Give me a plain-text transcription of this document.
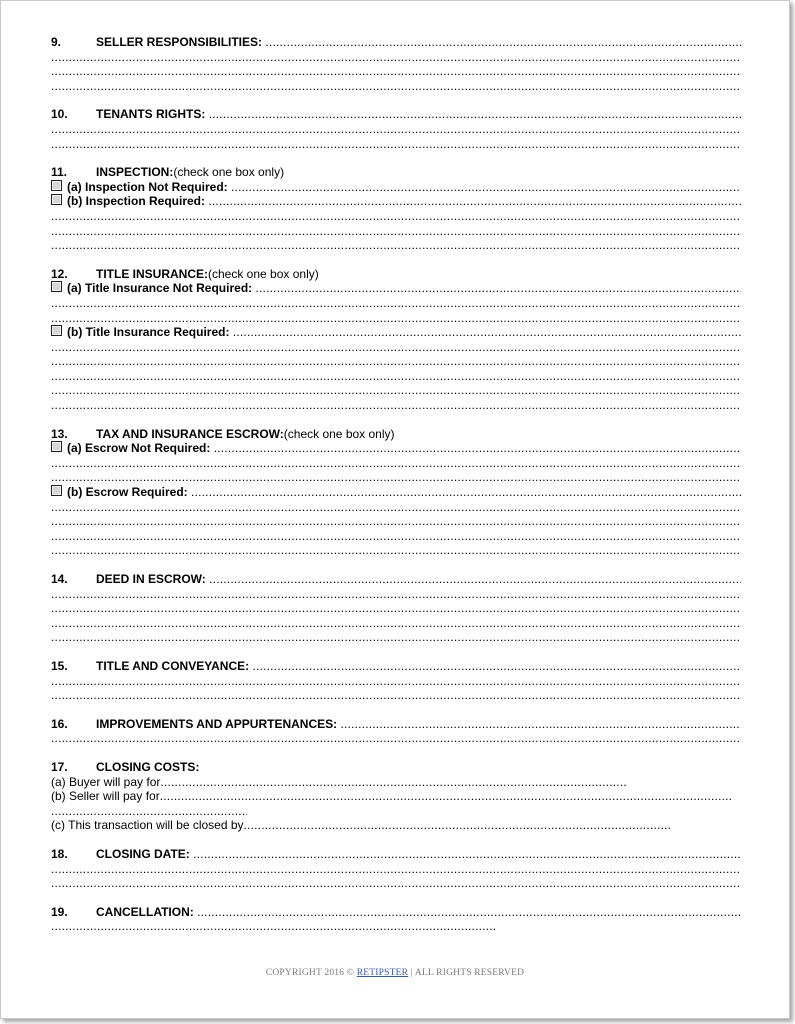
9.	SELLER RESPONSIBILITIES:

.....
.....
.....
.....
10.	TENANTS RIGHTS:

.....
.....
.....
11.	INSPECTION: (check one box only)
(a) Inspection Not Required:

.....
(b) Inspection Required:

.....
.....
.....
.....
12.	TITLE INSURANCE: (check one box only)
(a) Title Insurance Not Required:

.....
.....
.....
(b) Title Insurance Required:

.....
.....
.....
.....
.....
.....
13.	TAX AND INSURANCE ESCROW: (check one box only)
(a) Escrow Not Required:

.....
.....
.....
(b) Escrow Required:

.....
.....
.....
.....
.....
14.	DEED IN ESCROW:

.....
.....
.....
.....
.....
15.	TITLE AND CONVEYANCE:

.....
.....
.....
16.	IMPROVEMENTS AND APPURTENANCES:

.....
.....
17.	CLOSING COSTS:
(a) Buyer will pay for
.....
(b) Seller will pay for
.....
.....
(c) This transaction will be closed by
.....
18.	CLOSING DATE:

.....
.....
.....
19.	CANCELLATION:

.....
.....
COPYRIGHT 2016 © RETIPSTER | ALL RIGHTS RESERVED
